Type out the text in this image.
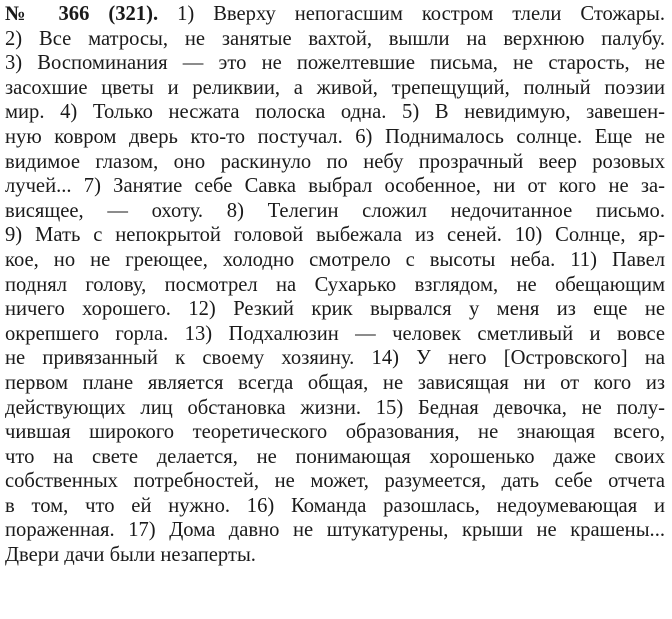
№ 366 (321). 1) Вверху непогасшим костром тлели Стожары.
2) Все матросы, не занятые вахтой, вышли на верхнюю палубу.
3) Воспоминания — это не пожелтевшие письма, не старость, не
засохшие цветы и реликвии, а живой, трепещущий, полный поэзии
мир. 4) Только несжата полоска одна. 5) В невидимую, завешен-
ную ковром дверь кто-то постучал. 6) Поднималось солнце. Еще не
видимое глазом, оно раскинуло по небу прозрачный веер розовых
лучей... 7) Занятие себе Савка выбрал особенное, ни от кого не за-
висящее, — охоту. 8) Телегин сложил недочитанное письмо.
9) Мать с непокрытой головой выбежала из сеней. 10) Солнце, яр-
кое, но не греющее, холодно смотрело с высоты неба. 11) Павел
поднял голову, посмотрел на Сухарько взглядом, не обещающим
ничего хорошего. 12) Резкий крик вырвался у меня из еще не
окрепшего горла. 13) Подхалюзин — человек сметливый и вовсе
не привязанный к своему хозяину. 14) У него [Островского] на
первом плане является всегда общая, не зависящая ни от кого из
действующих лиц обстановка жизни. 15) Бедная девочка, не полу-
чившая широкого теоретического образования, не знающая всего,
что на свете делается, не понимающая хорошенько даже своих
собственных потребностей, не может, разумеется, дать себе отчета
в том, что ей нужно. 16) Команда разошлась, недоумевающая и
пораженная. 17) Дома давно не штукатурены, крыши не крашены...
Двери дачи были незаперты.
